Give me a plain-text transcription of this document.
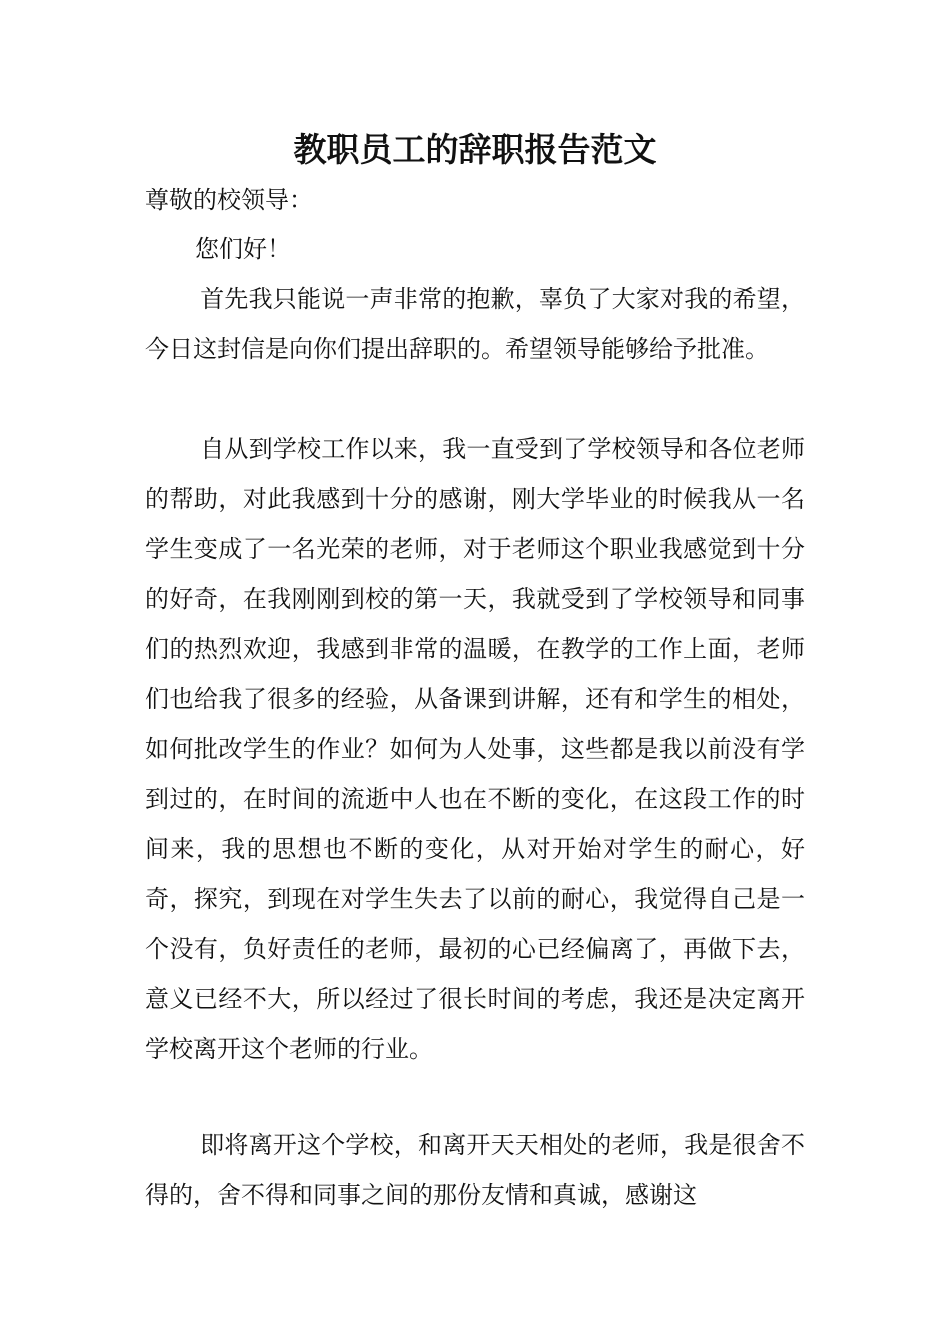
教职员工的辞职报告范文

尊敬的校领导：

您们好！

首先我只能说一声非常的抱歉，辜负了大家对我的希望，今日这封信是向你们提出辞职的。希望领导能够给予批准。

自从到学校工作以来，我一直受到了学校领导和各位老师的帮助，对此我感到十分的感谢，刚大学毕业的时候我从一名学生变成了一名光荣的老师，对于老师这个职业我感觉到十分的好奇，在我刚刚到校的第一天，我就受到了学校领导和同事们的热烈欢迎，我感到非常的温暖，在教学的工作上面，老师们也给我了很多的经验，从备课到讲解，还有和学生的相处，如何批改学生的作业？如何为人处事，这些都是我以前没有学到过的，在时间的流逝中人也在不断的变化，在这段工作的时间来，我的思想也不断的变化，从对开始对学生的耐心，好奇，探究，到现在对学生失去了以前的耐心，我觉得自己是一个没有，负好责任的老师，最初的心已经偏离了，再做下去，意义已经不大，所以经过了很长时间的考虑，我还是决定离开学校离开这个老师的行业。

即将离开这个学校，和离开天天相处的老师，我是很舍不得的，舍不得和同事之间的那份友情和真诚，感谢这
